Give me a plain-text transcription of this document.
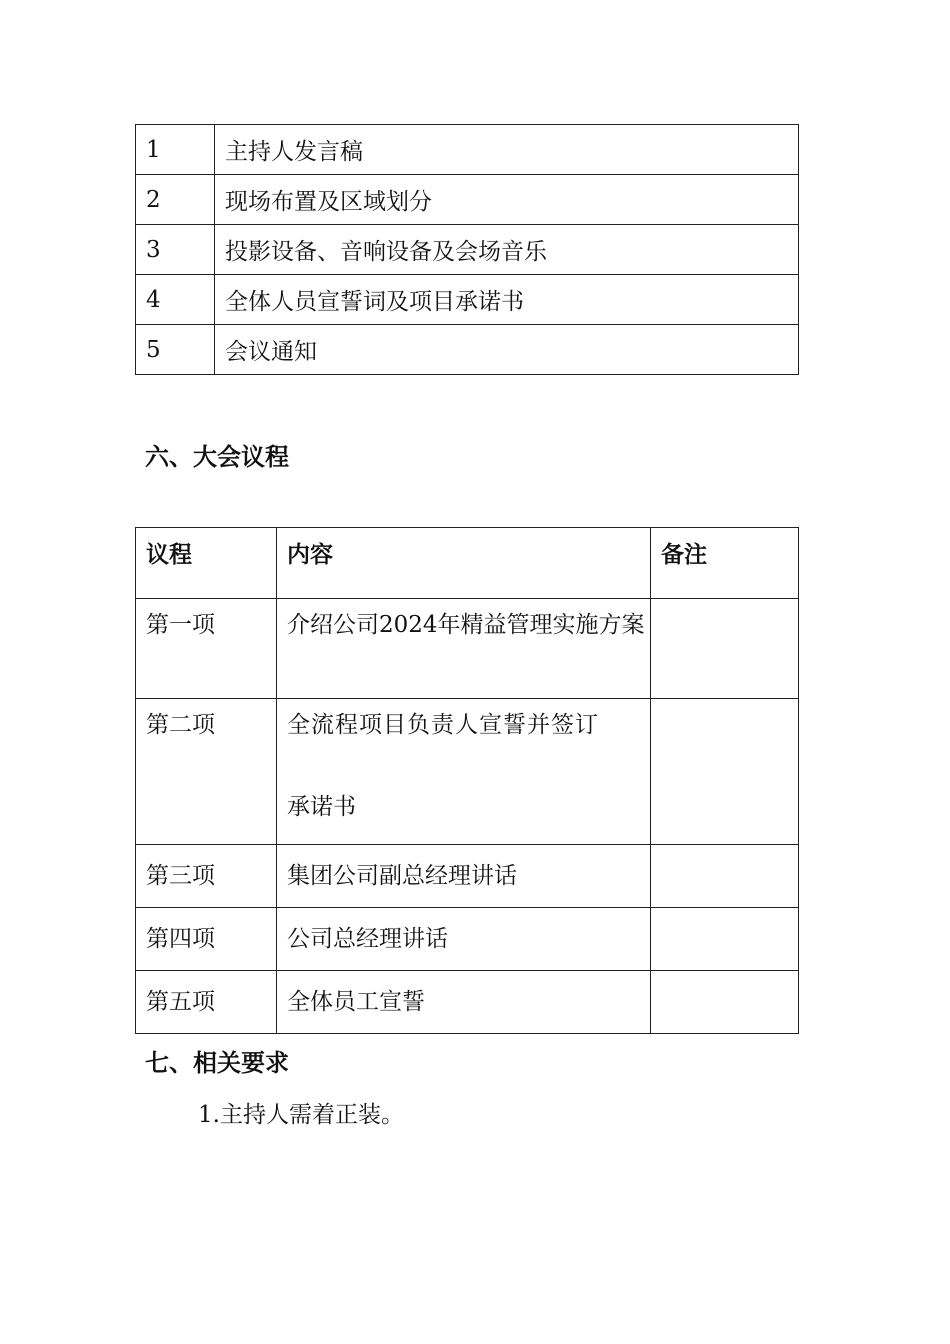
1	主持人发言稿
2	现场布置及区域划分
3	投影设备、音响设备及会场音乐
4	全体人员宣誓词及项目承诺书
5	会议通知
六、大会议程
议程	内容	备注
第一项	介绍公司2024年精益管理实施方案	
第二项	全流程项目负责人宣誓并签订
承诺书	

第三项	集团公司副总经理讲话	
第四项	公司总经理讲话	
第五项	全体员工宣誓	
七、相关要求
1.主持人需着正装。
